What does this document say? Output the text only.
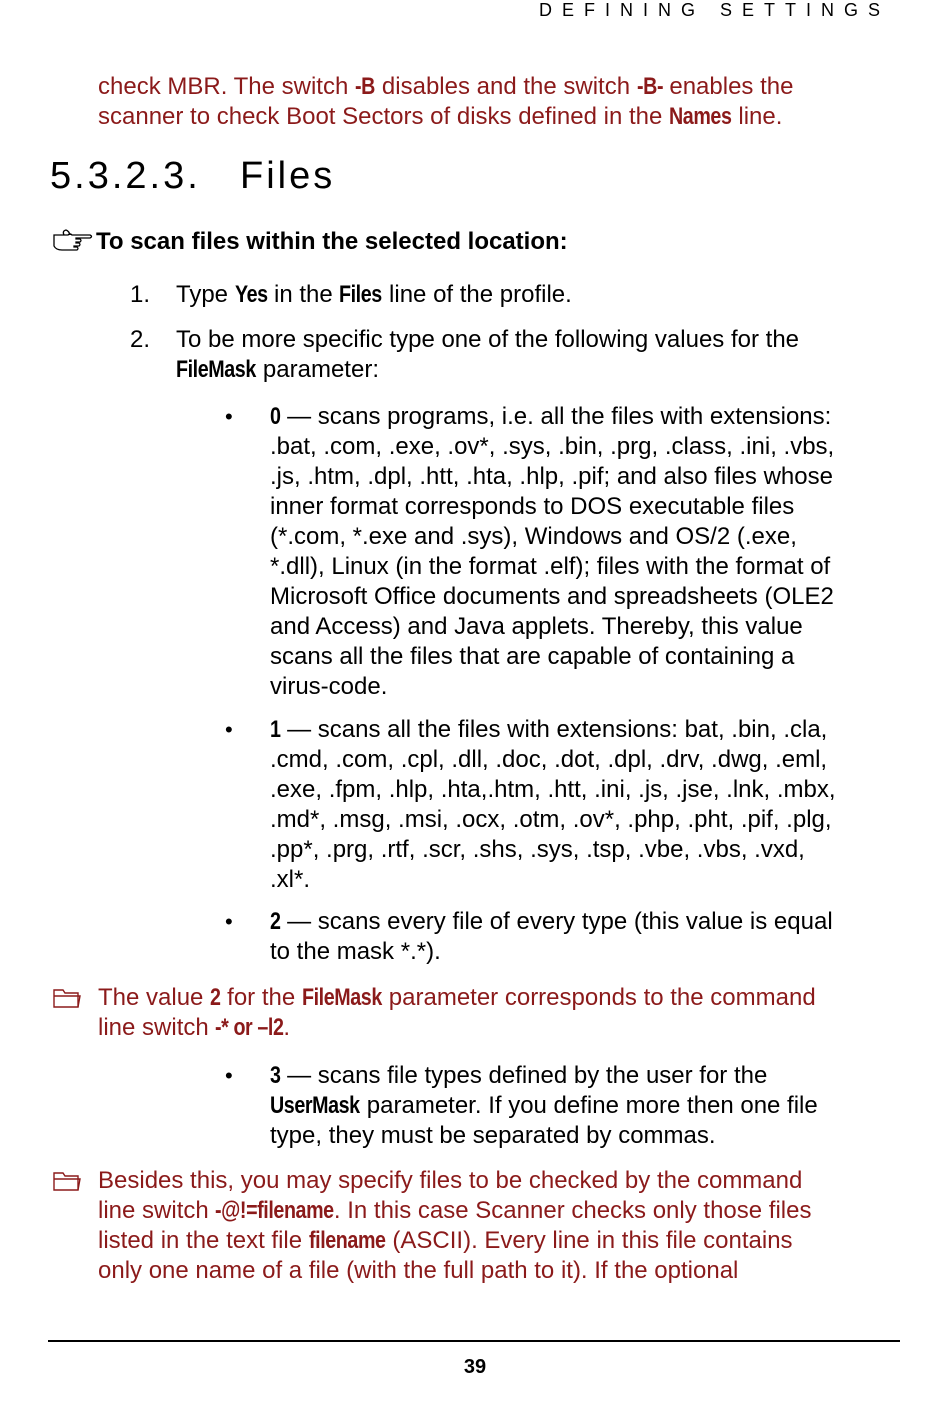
DEFINING SETTINGS
check MBR. The switch -B disables and the switch -B- enables the
scanner to check Boot Sectors of disks defined in the Names line.
5.3.2.3. Files
To scan files within the selected location:
1. Type Yes in the Files line of the profile.
2. To be more specific type one of the following values for the
FileMask parameter:
• 0 — scans programs, i.e. all the files with extensions:
.bat, .com, .exe, .ov*, .sys, .bin, .prg, .class, .ini, .vbs,
.js, .htm, .dpl, .htt, .hta, .hlp, .pif; and also files whose
inner format corresponds to DOS executable files
(*.com, *.exe and .sys), Windows and OS/2 (.exe,
*.dll), Linux (in the format .elf); files with the format of
Microsoft Office documents and spreadsheets (OLE2
and Access) and Java applets. Thereby, this value
scans all the files that are capable of containing a
virus-code.
• 1 — scans all the files with extensions: bat, .bin, .cla,
.cmd, .com, .cpl, .dll, .doc, .dot, .dpl, .drv, .dwg, .eml,
.exe, .fpm, .hlp, .hta,.htm, .htt, .ini, .js, .jse, .lnk, .mbx,
.md*, .msg, .msi, .ocx, .otm, .ov*, .php, .pht, .pif, .plg,
.pp*, .prg, .rtf, .scr, .shs, .sys, .tsp, .vbe, .vbs, .vxd,
.xl*.
• 2 — scans every file of every type (this value is equal
to the mask *.*).
The value 2 for the FileMask parameter corresponds to the command
line switch -* or –l2.
• 3 — scans file types defined by the user for the
UserMask parameter. If you define more then one file
type, they must be separated by commas.
Besides this, you may specify files to be checked by the command
line switch -@!=filename. In this case Scanner checks only those files
listed in the text file filename (ASCII). Every line in this file contains
only one name of a file (with the full path to it). If the optional
39
